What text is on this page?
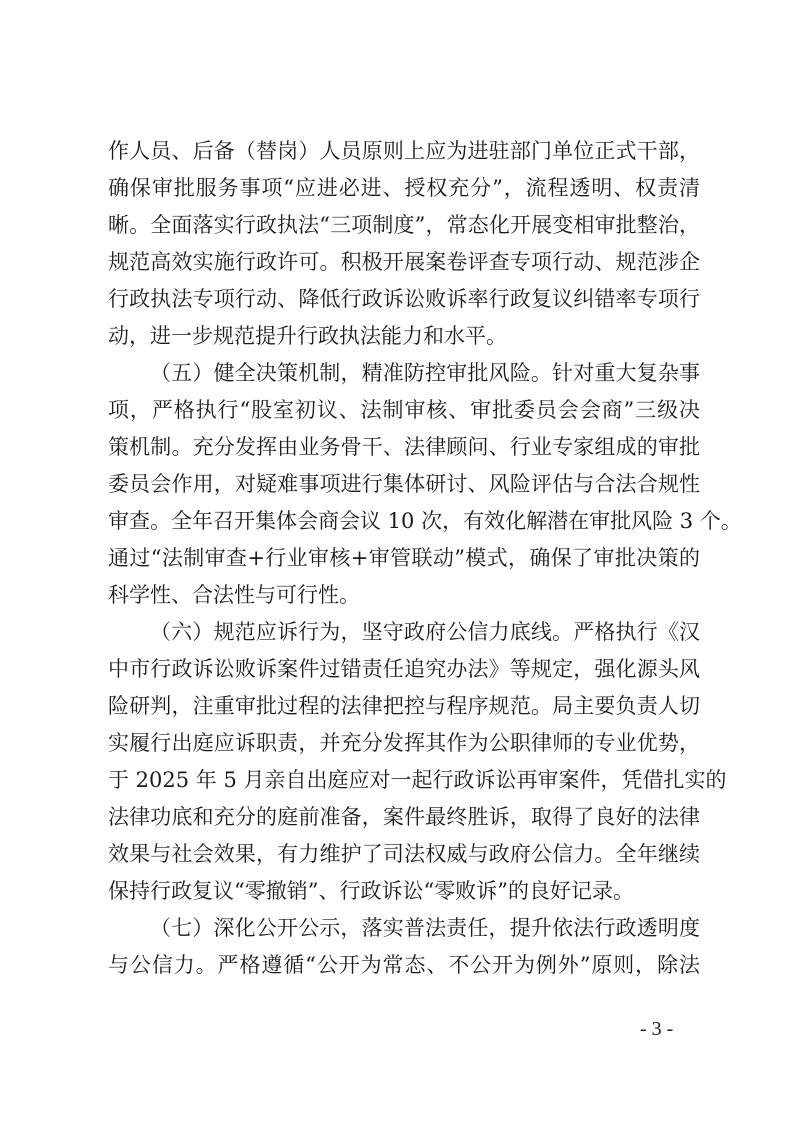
作人员、后备（替岗）人员原则上应为进驻部门单位正式干部，
确保审批服务事项“应进必进、授权充分”，流程透明、权责清
晰。全面落实行政执法“三项制度”，常态化开展变相审批整治，
规范高效实施行政许可。积极开展案卷评查专项行动、规范涉企
行政执法专项行动、降低行政诉讼败诉率行政复议纠错率专项行
动，进一步规范提升行政执法能力和水平。
（五）健全决策机制，精准防控审批风险。针对重大复杂事
项，严格执行“股室初议、法制审核、审批委员会会商”三级决
策机制。充分发挥由业务骨干、法律顾问、行业专家组成的审批
委员会作用，对疑难事项进行集体研讨、风险评估与合法合规性
审查。全年召开集体会商会议 10 次，有效化解潜在审批风险 3 个。
通过“法制审查+行业审核+审管联动”模式，确保了审批决策的
科学性、合法性与可行性。
（六）规范应诉行为，坚守政府公信力底线。严格执行《汉
中市行政诉讼败诉案件过错责任追究办法》等规定，强化源头风
险研判，注重审批过程的法律把控与程序规范。局主要负责人切
实履行出庭应诉职责，并充分发挥其作为公职律师的专业优势，
于 2025 年 5 月亲自出庭应对一起行政诉讼再审案件，凭借扎实的
法律功底和充分的庭前准备，案件最终胜诉，取得了良好的法律
效果与社会效果，有力维护了司法权威与政府公信力。全年继续
保持行政复议“零撤销”、行政诉讼“零败诉”的良好记录。
（七）深化公开公示，落实普法责任，提升依法行政透明度
与公信力。严格遵循“公开为常态、不公开为例外”原则，除法
- 3 -
